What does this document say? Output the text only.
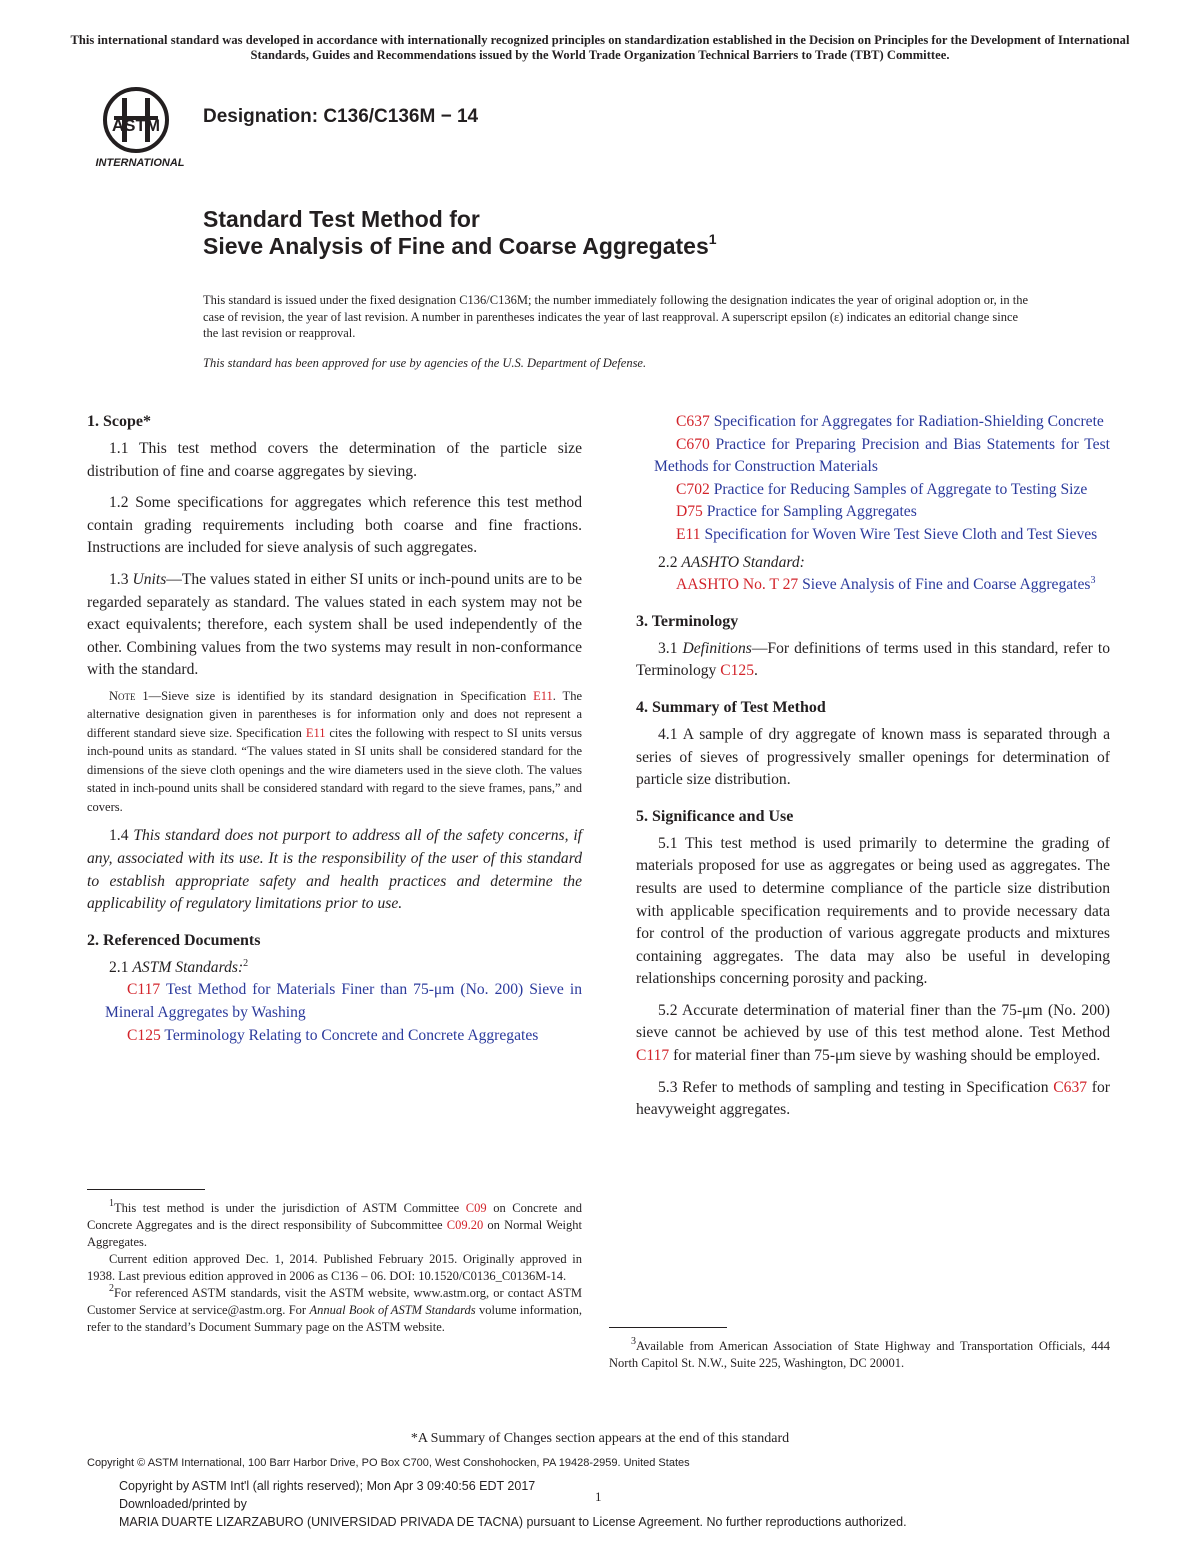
This international standard was developed in accordance with internationally recognized principles on standardization established in the Decision on Principles for the Development of International Standards, Guides and Recommendations issued by the World Trade Organization Technical Barriers to Trade (TBT) Committee.
ASTM
INTERNATIONAL
Designation: C136/C136M − 14
Standard Test Method for
Sieve Analysis of Fine and Coarse Aggregates$^1$
This standard is issued under the fixed designation C136/C136M; the number immediately following the designation indicates the year of original adoption or, in the case of revision, the year of last revision. A number in parentheses indicates the year of last reapproval. A superscript epsilon (ε) indicates an editorial change since the last revision or reapproval.
This standard has been approved for use by agencies of the U.S. Department of Defense.
1. Scope*

1.1 This test method covers the determination of the particle size distribution of fine and coarse aggregates by sieving.

1.2 Some specifications for aggregates which reference this test method contain grading requirements including both coarse and fine fractions. Instructions are included for sieve analysis of such aggregates.

1.3 Units—The values stated in either SI units or inch-pound units are to be regarded separately as standard. The values stated in each system may not be exact equivalents; therefore, each system shall be used independently of the other. Combining values from the two systems may result in non-conformance with the standard.

Note 1—Sieve size is identified by its standard designation in Specification E11. The alternative designation given in parentheses is for information only and does not represent a different standard sieve size. Specification E11 cites the following with respect to SI units versus inch-pound units as standard. “The values stated in SI units shall be considered standard for the dimensions of the sieve cloth openings and the wire diameters used in the sieve cloth. The values stated in inch-pound units shall be considered standard with regard to the sieve frames, pans,” and covers.

1.4 This standard does not purport to address all of the safety concerns, if any, associated with its use. It is the responsibility of the user of this standard to establish appropriate safety and health practices and determine the applicability of regulatory limitations prior to use.

2. Referenced Documents

2.1 ASTM Standards:$^2$

C117 Test Method for Materials Finer than 75-μm (No. 200) Sieve in Mineral Aggregates by Washing

C125 Terminology Relating to Concrete and Concrete Aggregates

$^1$This test method is under the jurisdiction of ASTM Committee C09 on Concrete and Concrete Aggregates and is the direct responsibility of Subcommittee C09.20 on Normal Weight Aggregates.

Current edition approved Dec. 1, 2014. Published February 2015. Originally approved in 1938. Last previous edition approved in 2006 as C136 – 06. DOI: 10.1520/C0136_C0136M-14.

$^2$For referenced ASTM standards, visit the ASTM website, www.astm.org, or contact ASTM Customer Service at service@astm.org. For Annual Book of ASTM Standards volume information, refer to the standard’s Document Summary page on the ASTM website.

C637 Specification for Aggregates for Radiation-Shielding Concrete

C670 Practice for Preparing Precision and Bias Statements for Test Methods for Construction Materials

C702 Practice for Reducing Samples of Aggregate to Testing Size

D75 Practice for Sampling Aggregates

E11 Specification for Woven Wire Test Sieve Cloth and Test Sieves

2.2 AASHTO Standard:

AASHTO No. T 27 Sieve Analysis of Fine and Coarse Aggregates$^3$

3. Terminology

3.1 Definitions—For definitions of terms used in this standard, refer to Terminology C125.

4. Summary of Test Method

4.1 A sample of dry aggregate of known mass is separated through a series of sieves of progressively smaller openings for determination of particle size distribution.

5. Significance and Use

5.1 This test method is used primarily to determine the grading of materials proposed for use as aggregates or being used as aggregates. The results are used to determine compliance of the particle size distribution with applicable specification requirements and to provide necessary data for control of the production of various aggregate products and mixtures containing aggregates. The data may also be useful in developing relationships concerning porosity and packing.

5.2 Accurate determination of material finer than the 75-μm (No. 200) sieve cannot be achieved by use of this test method alone. Test Method C117 for material finer than 75-μm sieve by washing should be employed.

5.3 Refer to methods of sampling and testing in Specification C637 for heavyweight aggregates.

$^3$Available from American Association of State Highway and Transportation Officials, 444 North Capitol St. N.W., Suite 225, Washington, DC 20001.

*A Summary of Changes section appears at the end of this standard
Copyright © ASTM International, 100 Barr Harbor Drive, PO Box C700, West Conshohocken, PA 19428-2959. United States
Copyright by ASTM Int'l (all rights reserved); Mon Apr 3 09:40:56 EDT 2017
1
Downloaded/printed by
MARIA DUARTE LIZARZABURO (UNIVERSIDAD PRIVADA DE TACNA) pursuant to License Agreement. No further reproductions authorized.
